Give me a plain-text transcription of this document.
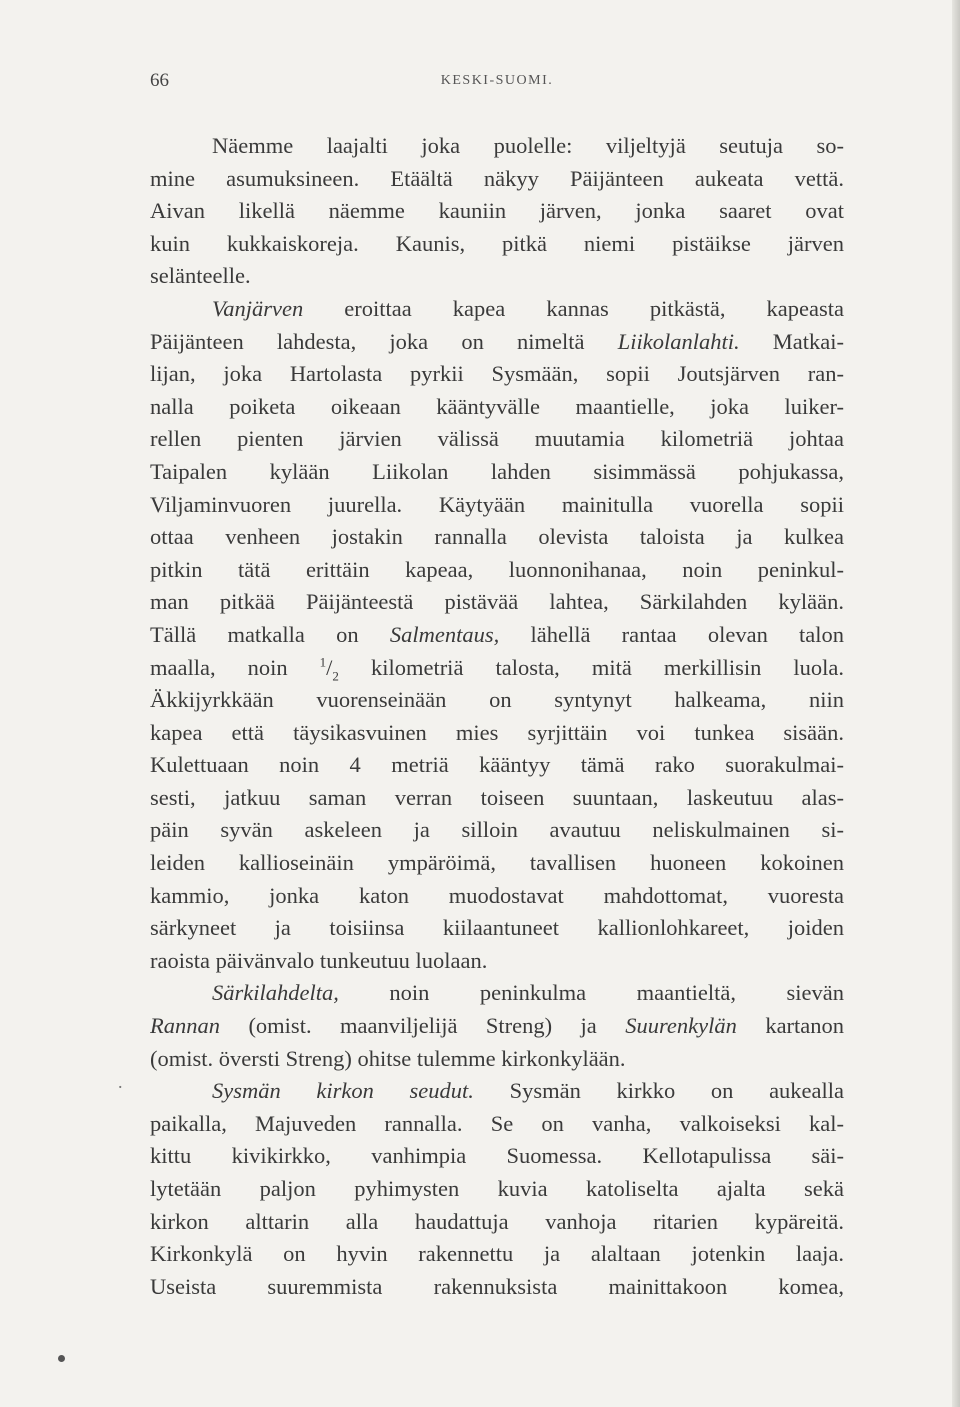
66	KESKI-SUOMI.
Näemme laajalti joka puolelle: viljeltyjä seutuja so-
mine asumuksineen. Etäältä näkyy Päijänteen aukeata vettä.
Aivan likellä näemme kauniin järven, jonka saaret ovat
kuin kukkaiskoreja. Kaunis, pitkä niemi pistäikse järven
selänteelle.
Vanjärven eroittaa kapea kannas pitkästä, kapeasta
Päijänteen lahdesta, joka on nimeltä Liikolanlahti. Matkai-
lijan, joka Hartolasta pyrkii Sysmään, sopii Joutsjärven ran-
nalla poiketa oikeaan kääntyvälle maantielle, joka luiker-
rellen pienten järvien välissä muutamia kilometriä johtaa
Taipalen kylään Liikolan lahden sisimmässä pohjukassa,
Viljaminvuoren juurella. Käytyään mainitulla vuorella sopii
ottaa venheen jostakin rannalla olevista taloista ja kulkea
pitkin tätä erittäin kapeaa, luonnonihanaa, noin peninkul-
man pitkää Päijänteestä pistävää lahtea, Särkilahden kylään.
Tällä matkalla on Salmentaus, lähellä rantaa olevan talon
maalla, noin $^1/_2$ kilometriä talosta, mitä merkillisin luola.
Äkkijyrkkään vuorenseinään on syntynyt halkeama, niin
kapea että täysikasvuinen mies syrjittäin voi tunkea sisään.
Kulettuaan noin 4 metriä kääntyy tämä rako suorakulmai-
sesti, jatkuu saman verran toiseen suuntaan, laskeutuu alas-
päin syvän askeleen ja silloin avautuu neliskulmainen si-
leiden kallioseinäin ympäröimä, tavallisen huoneen kokoinen
kammio, jonka katon muodostavat mahdottomat, vuoresta
särkyneet ja toisiinsa kiilaantuneet kallionlohkareet, joiden
raoista päivänvalo tunkeutuu luolaan.
Särkilahdelta, noin peninkulma maantieltä, sievän
Rannan (omist. maanviljelijä Streng) ja Suurenkylän kartanon
(omist. översti Streng) ohitse tulemme kirkonkylään.
Sysmän kirkon seudut. Sysmän kirkko on aukealla
paikalla, Majuveden rannalla. Se on vanha, valkoiseksi kal-
kittu kivikirkko, vanhimpia Suomessa. Kellotapulissa säi-
lytetään paljon pyhimysten kuvia katoliselta ajalta sekä
kirkon alttarin alla haudattuja vanhoja ritarien kypäreitä.
Kirkonkylä on hyvin rakennettu ja alaltaan jotenkin laaja.
Useista suuremmista rakennuksista mainittakoon komea,
.
